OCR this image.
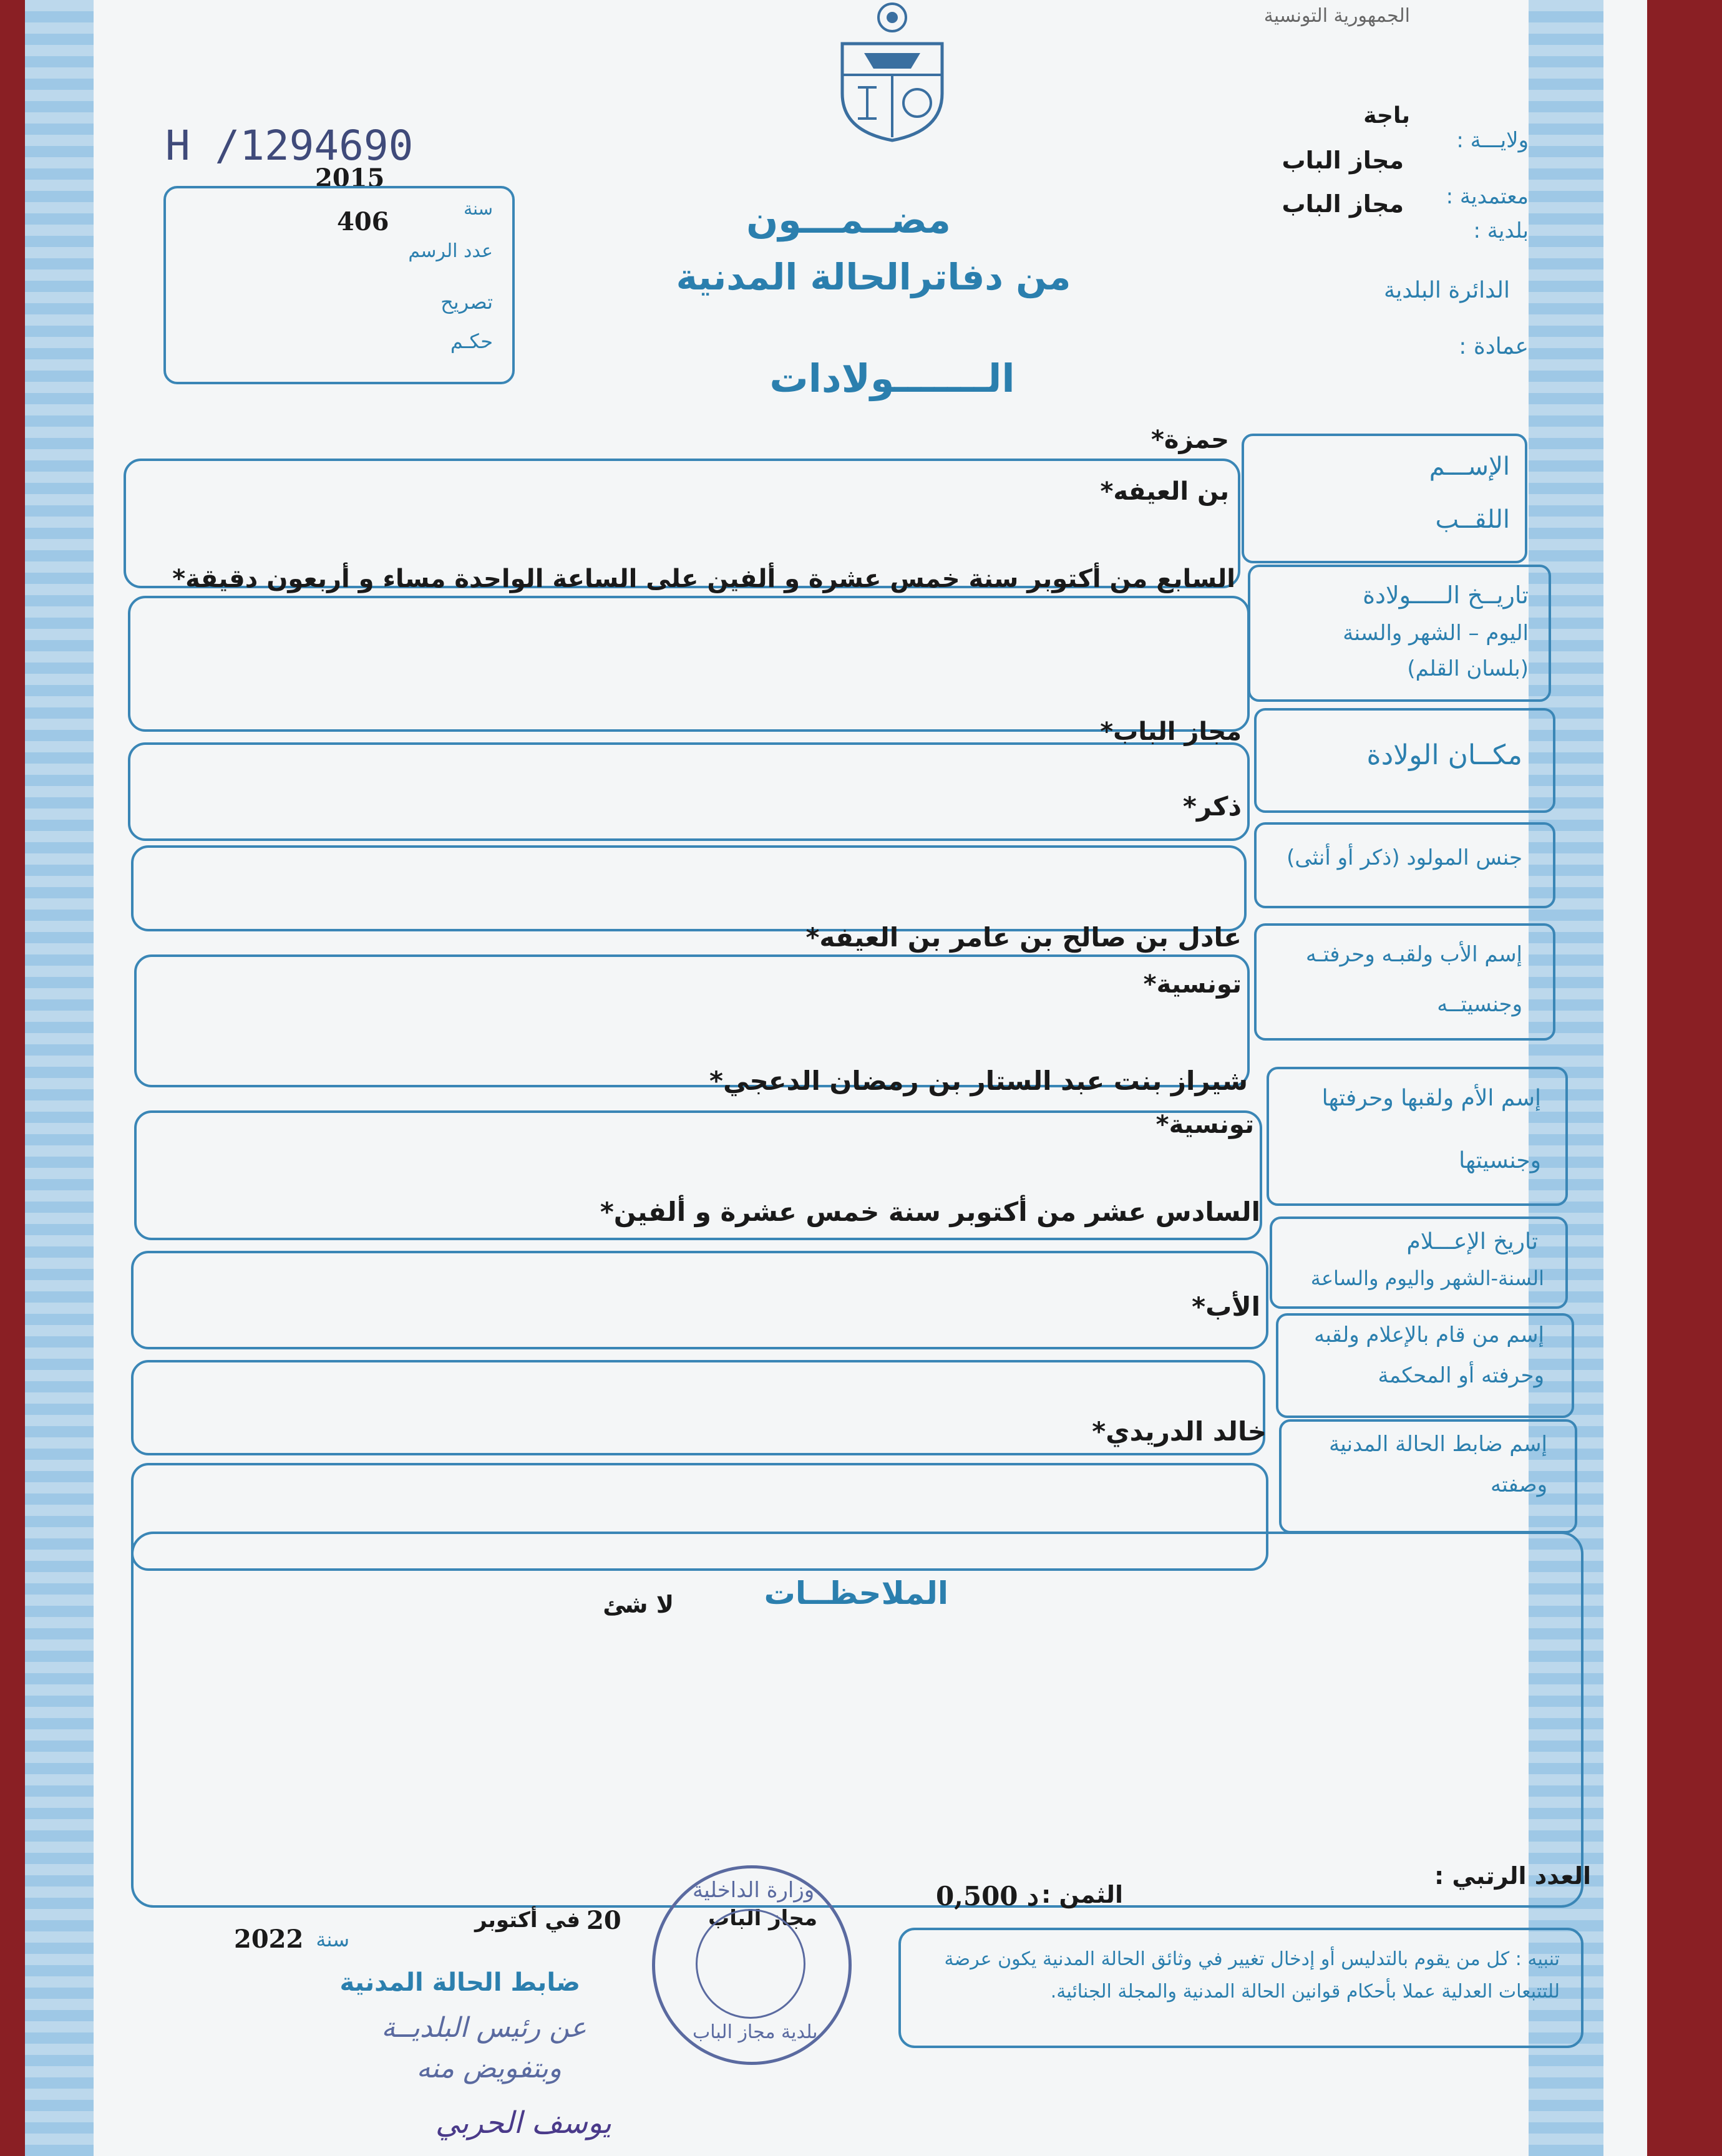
الجمهورية التونسية
ولايـــة :
باجة
معتمدية :
مجاز الباب
بلدية :
مجاز الباب
الدائرة البلدية
عمادة :
H /1294690
2015
406	سنة
عدد الرسم
تصريح
حكـم
مضــمـــون
من دفاترالحالة المدنية
الـــــــولادات
الإســـم
اللقــب
حمزة*
بن العيفه*
تاريــخ الـــــولادة
اليوم – الشهر والسنة
(بلسان القلم)
السابع من أكتوبر سنة خمس عشرة و ألفين على الساعة الواحدة مساء و أربعون دقيقة*
مكــان الولادة
مجاز الباب*
جنس المولود (ذكر أو أنثى)
ذكر*
إسم الأب ولقبـه وحرفتـه
وجنسيتــه
عادل بن صالح بن عامر بن العيفه*
تونسية*
إسم الأم ولقبها وحرفتها
وجنسيتها
شيراز بنت عبد الستار بن رمضان الدعجي*
تونسية*
تاريخ الإعـــلام
السنة-الشهر واليوم والساعة
السادس عشر من أكتوبر سنة خمس عشرة و ألفين*
إسم من قام بالإعلام ولقبه
وحرفته أو المحكمة
الأب*
إسم ضابط الحالة المدنية
وصفته
خالد الدريدي*
الملاحظــات
لا شئ
العدد الرتبي :
الثمن :
0,500 د
مجاز الباب
20
في أكتوبر
2022 سنة
ضابط الحالة المدنية
عن رئيس البلديــة
وبتفويض منه
يوسف الحربي
وزارة الداخلية
بلدية مجاز الباب
تنبيه : كل من يقوم بالتدليس أو إدخال تغيير في وثائق الحالة المدنية يكون عرضة للتتبعات العدلية عملا بأحكام قوانين الحالة المدنية والمجلة الجنائية.
